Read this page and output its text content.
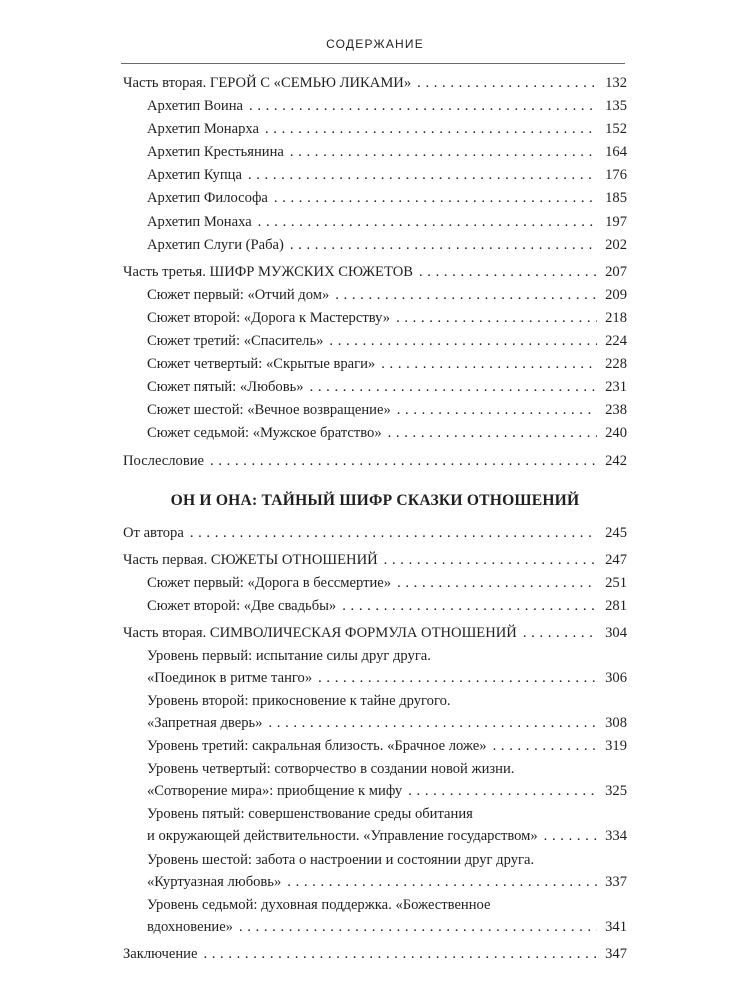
СОДЕРЖАНИЕ
Часть вторая. ГЕРОЙ С «СЕМЬЮ ЛИКАМИ» . . .	132
Архетип Воина . . .	135
Архетип Монарха . . .	152
Архетип Крестьянина . . .	164
Архетип Купца . . .	176
Архетип Философа . . .	185
Архетип Монаха . . .	197
Архетип Слуги (Раба) . . .	202
Часть третья. ШИФР МУЖСКИХ СЮЖЕТОВ . . .	207
Сюжет первый: «Отчий дом» . . .	209
Сюжет второй: «Дорога к Мастерству» . . .	218
Сюжет третий: «Спаситель» . . .	224
Сюжет четвертый: «Скрытые враги» . . .	228
Сюжет пятый: «Любовь» . . .	231
Сюжет шестой: «Вечное возвращение» . . .	238
Сюжет седьмой: «Мужское братство» . . .	240
Послесловие . . .	242
ОН И ОНА: ТАЙНЫЙ ШИФР СКАЗКИ ОТНОШЕНИЙ
От автора . . .	245
Часть первая. СЮЖЕТЫ ОТНОШЕНИЙ . . .	247
Сюжет первый: «Дорога в бессмертие» . . .	251
Сюжет второй: «Две свадьбы» . . .	281
Часть вторая. СИМВОЛИЧЕСКАЯ ФОРМУЛА ОТНОШЕНИЙ . . .	304
Уровень первый: испытание силы друг друга.
«Поединок в ритме танго» . . .	306
Уровень второй: прикосновение к тайне другого.
«Запретная дверь» . . .	308
Уровень третий: сакральная близость. «Брачное ложе» . . .	319
Уровень четвертый: сотворчество в создании новой жизни.
«Сотворение мира»: приобщение к мифу . . .	325
Уровень пятый: совершенствование среды обитания
и окружающей действительности. «Управление государством» . . .	334
Уровень шестой: забота о настроении и состоянии друг друга.
«Куртуазная любовь» . . .	337
Уровень седьмой: духовная поддержка. «Божественное
вдохновение» . . .	341
Заключение . . .	347
